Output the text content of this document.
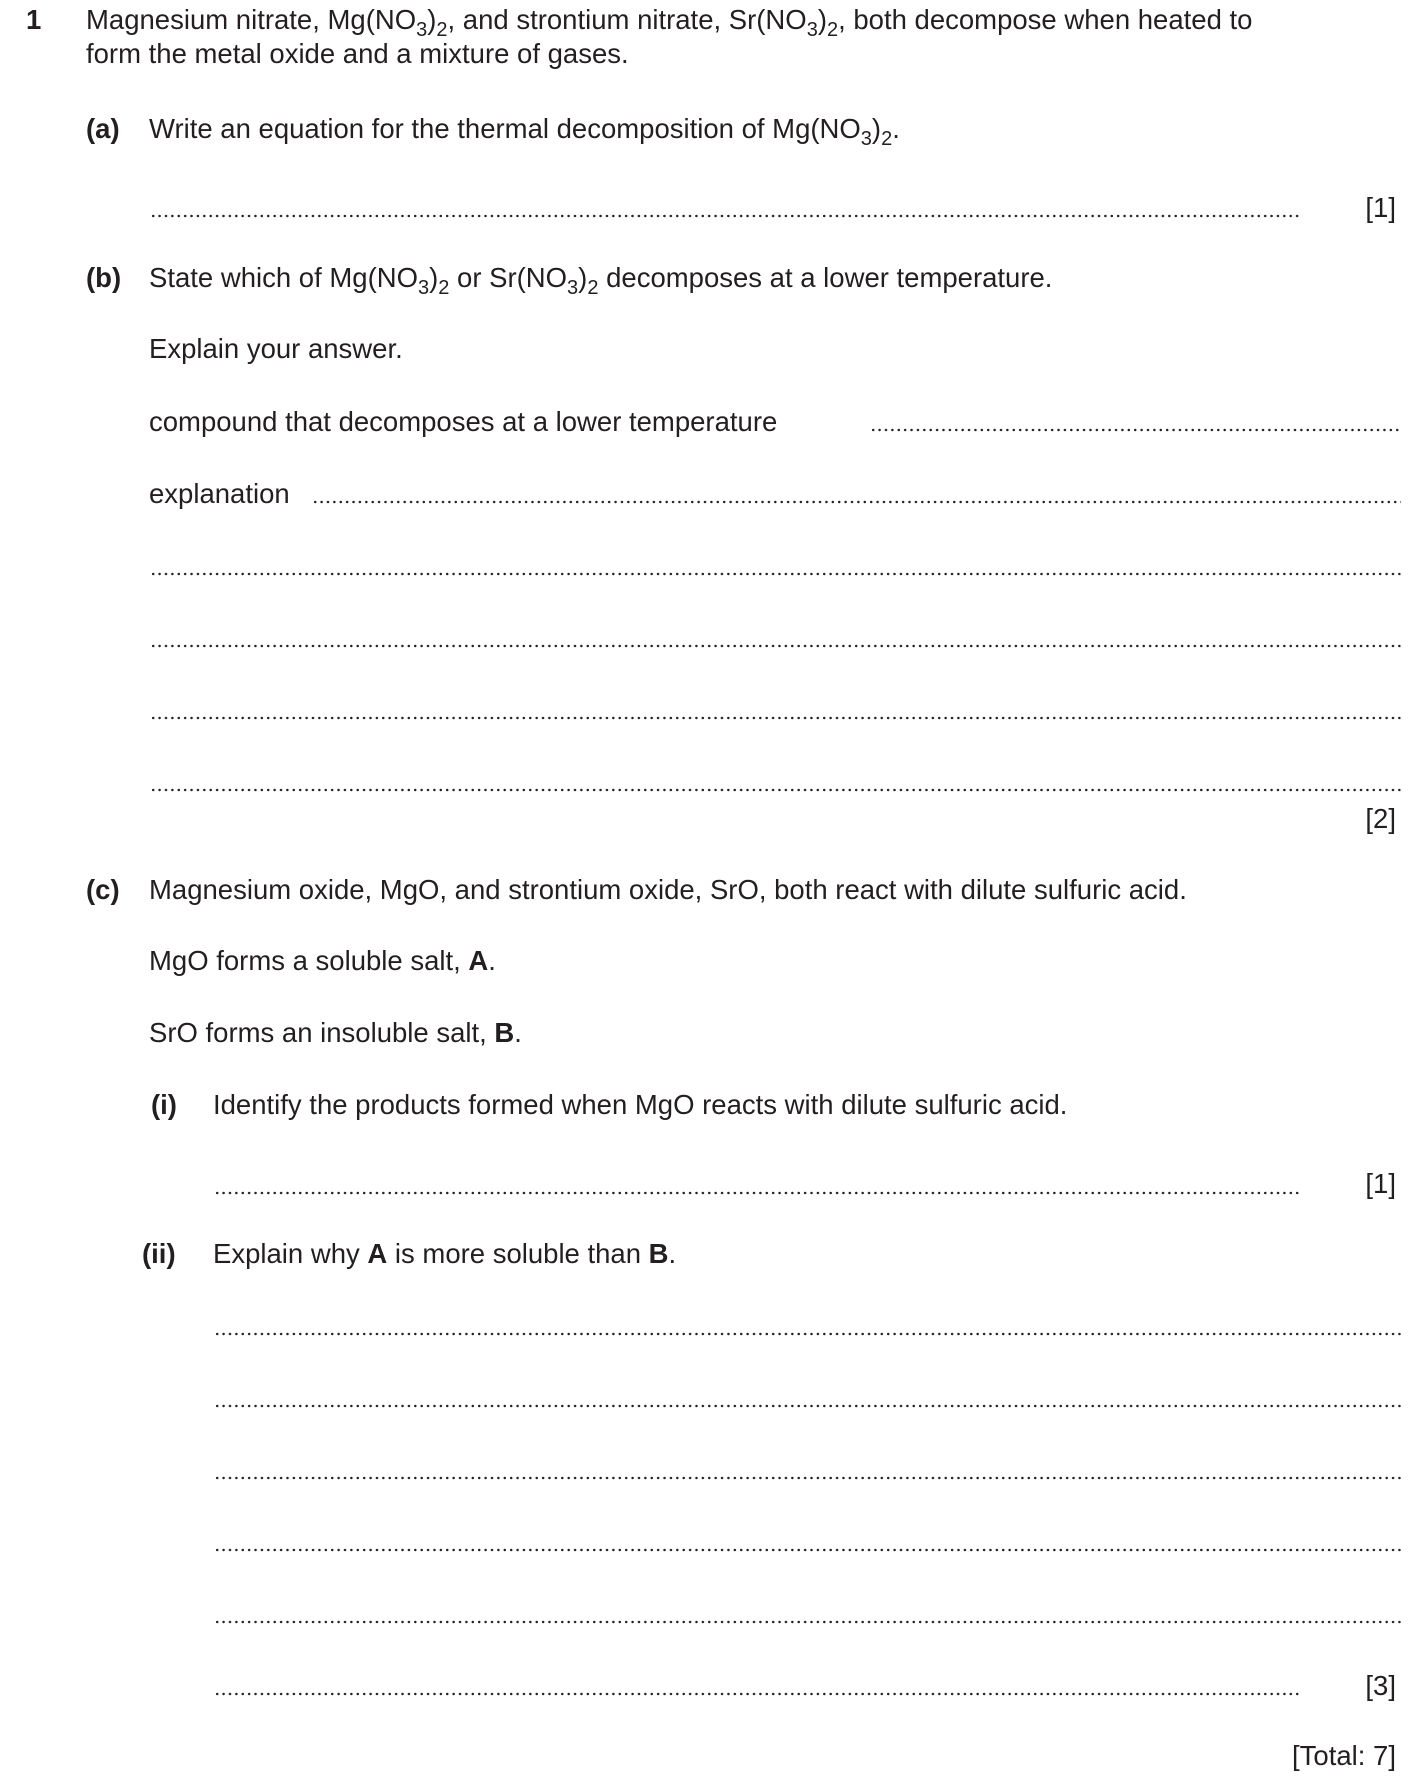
1 Magnesium nitrate, $Mg(NO_3)_2$, and strontium nitrate, $Sr(NO_3)_2$, both decompose when heated to
form the metal oxide and a mixture of gases.
(a) Write an equation for the thermal decomposition of $Mg(NO_3)_2$.
[1]
(b) State which of $Mg(NO_3)_2$ or $Sr(NO_3)_2$ decomposes at a lower temperature.
Explain your answer.
compound that decomposes at a lower temperature
explanation
[2]
(c) Magnesium oxide, MgO, and strontium oxide, SrO, both react with dilute sulfuric acid.
MgO forms a soluble salt, A.
SrO forms an insoluble salt, B.
(i) Identify the products formed when MgO reacts with dilute sulfuric acid.
[1]
(ii) Explain why A is more soluble than B.
[3]
[Total: 7]
